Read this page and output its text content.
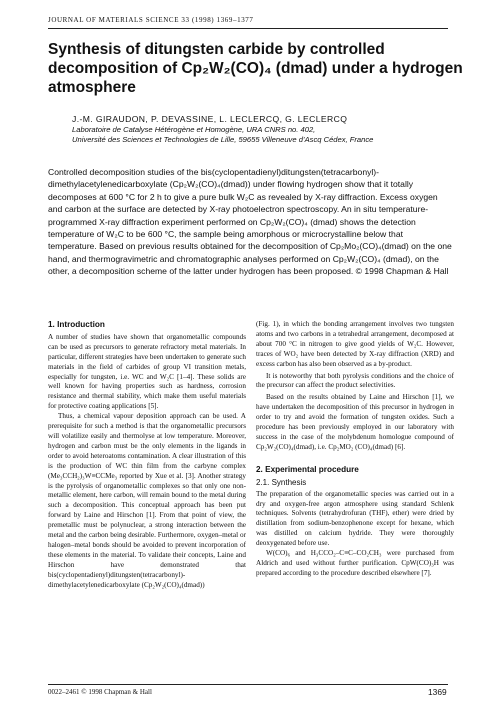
JOURNAL OF MATERIALS SCIENCE 33 (1998) 1369–1377
Synthesis of ditungsten carbide by controlled decomposition of Cp₂W₂(CO)₄ (dmad) under a hydrogen atmosphere
J.-M. GIRAUDON, P. DEVASSINE, L. LECLERCQ, G. LECLERCQ
Laboratoire de Catalyse Hétérogène et Homogène, URA CNRS no. 402,
Université des Sciences et Technologies de Lille, 59655 Villeneuve d’Ascq Cédex, France
Controlled decomposition studies of the bis(cyclopentadienyl)ditungsten(tetracarbonyl)-dimethylacetylenedicarboxylate (Cp₂W₂(CO)₄(dmad)) under flowing hydrogen show that it totally decomposes at 600 °C for 2 h to give a pure bulk W₂C as revealed by X-ray diffraction. Excess oxygen and carbon at the surface are detected by X-ray photoelectron spectroscopy. An in situ temperature-programmed X-ray diffraction experiment performed on Cp₂W₂(CO)₄ (dmad) shows the detection temperature of W₂C to be 600 °C, the sample being amorphous or microcrystalline below that temperature. Based on previous results obtained for the decomposition of Cp₂Mo₂(CO)₄(dmad) on the one hand, and thermogravimetric and chromatographic analyses performed on Cp₂W₂(CO)₄ (dmad), on the other, a decomposition scheme of the latter under hydrogen has been proposed. © 1998 Chapman & Hall
1. Introduction

A number of studies have shown that organometallic compounds can be used as precursors to generate refractory metal materials. In particular, different strategies have been undertaken to generate such materials in the field of carbides of group VI transition metals, especially for tungsten, i.e. WC and W₂C [1–4]. These solids are well known for having properties such as hardness, corrosion resistance and thermal stability, which make them useful materials for protective coating applications [5].

Thus, a chemical vapour deposition approach can be used. A prerequisite for such a method is that the organometallic precursors will volatilize easily and thermolyse at low temperature. Moreover, hydrogen and carbon must be the only elements in the ligands in order to avoid heteroatoms contamination. A clear illustration of this is the production of WC thin film from the carbyne complex (Me₃CCH₂)₃W≡CCMe₃ reported by Xue et al. [3]. Another strategy is the pyrolysis of organometallic complexes so that only one non-metallic element, here carbon, will remain bound to the metal during such a decomposition. This conceptual approach has been put forward by Laine and Hirschon [1]. From that point of view, the premetallic must be polynuclear, a strong interaction between the metal and the carbon being desirable. Furthermore, oxygen–metal or halogen–metal bonds should be avoided to prevent incorporation of these elements in the material. To validate their concepts, Laine and Hirschon have demonstrated that bis(cyclopentadienyl)ditungsten(tetracarbonyl)-dimethylacetylenedicarboxylate (Cp₂W₂(CO)₄(dmad))

(Fig. 1), in which the bonding arrangement involves two tungsten atoms and two carbons in a tetrahedral arrangement, decomposed at about 700 °C in nitrogen to give good yields of W₂C. However, traces of WO₂ have been detected by X-ray diffraction (XRD) and excess carbon has also been observed as a by-product.

It is noteworthy that both pyrolysis conditions and the choice of the precursor can affect the product selectivities.

Based on the results obtained by Laine and Hirschon [1], we have undertaken the decomposition of this precursor in hydrogen in order to try and avoid the formation of tungsten oxides. Such a procedure has been previously employed in our laboratory with success in the case of the molybdenum homologue compound of Cp₂W₂(CO)₄(dmad), i.e. Cp₂MO₂ (CO)₄(dmad) [6].

2. Experimental procedure
2.1. Synthesis

The preparation of the organometallic species was carried out in a dry and oxygen-free argon atmosphere using standard Schlenk techniques. Solvents (tetrahydrofuran (THF), ether) were dried by distillation from sodium-benzophenone except for hexane, which was distilled on calcium hydride. They were thoroughly deoxygenated before use.

W(CO)₆ and H₃CCO₂–C≡C–CO₂CH₃ were purchased from Aldrich and used without further purification. CpW(CO)₃H was prepared according to the procedure described elsewhere [7].

0022–2461 © 1998 Chapman & Hall	1369
